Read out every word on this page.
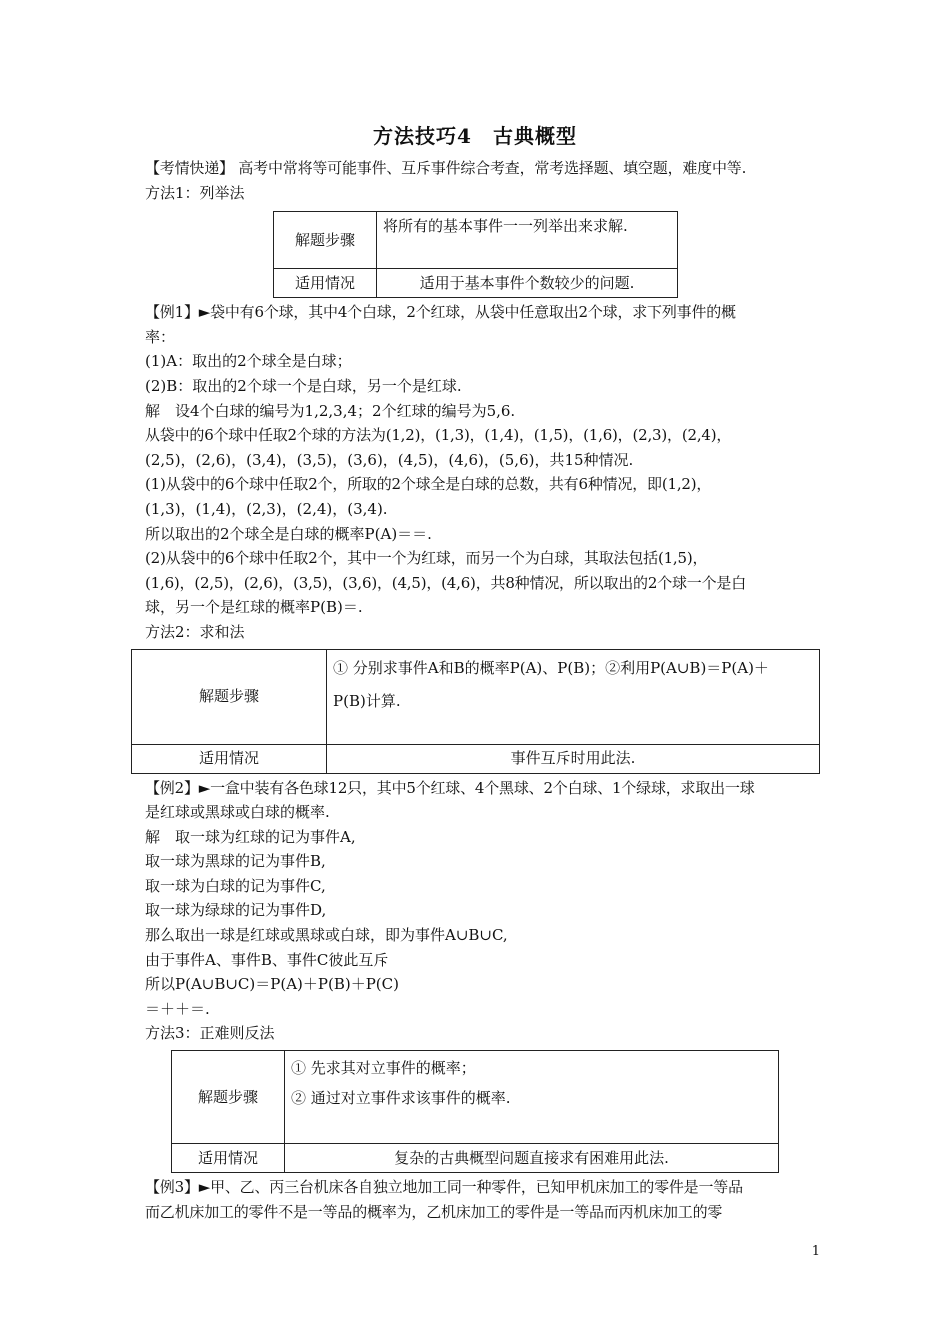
方法技巧4　古典概型
【考情快递】 高考中常将等可能事件、互斥事件综合考查，常考选择题、填空题，难度中等.
方法1：列举法
解题步骤	将所有的基本事件一一列举出来求解.
适用情况	适用于基本事件个数较少的问题.
【例1】►袋中有6个球，其中4个白球，2个红球，从袋中任意取出2个球，求下列事件的概
率：
(1)A：取出的2个球全是白球；
(2)B：取出的2个球一个是白球，另一个是红球.
解　设4个白球的编号为1,2,3,4；2个红球的编号为5,6.
从袋中的6个球中任取2个球的方法为(1,2)，(1,3)，(1,4)，(1,5)，(1,6)，(2,3)，(2,4)，
(2,5)，(2,6)，(3,4)，(3,5)，(3,6)，(4,5)，(4,6)，(5,6)，共15种情况.
(1)从袋中的6个球中任取2个，所取的2个球全是白球的总数，共有6种情况，即(1,2)，
(1,3)，(1,4)，(2,3)，(2,4)，(3,4).
所以取出的2个球全是白球的概率P(A)＝＝.
(2)从袋中的6个球中任取2个，其中一个为红球，而另一个为白球，其取法包括(1,5)，
(1,6)，(2,5)，(2,6)，(3,5)，(3,6)，(4,5)，(4,6)，共8种情况，所以取出的2个球一个是白
球，另一个是红球的概率P(B)＝.
方法2：求和法
解题步骤	① 分别求事件A和B的概率P(A)、P(B)；②利用P(A∪B)＝P(A)＋
P(B)计算.

适用情况	事件互斥时用此法.
【例2】►一盒中装有各色球12只，其中5个红球、4个黑球、2个白球、1个绿球，求取出一球
是红球或黑球或白球的概率.
解　取一球为红球的记为事件A,
取一球为黑球的记为事件B,
取一球为白球的记为事件C,
取一球为绿球的记为事件D,
那么取出一球是红球或黑球或白球，即为事件A∪B∪C,
由于事件A、事件B、事件C彼此互斥
所以P(A∪B∪C)＝P(A)＋P(B)＋P(C)
＝＋＋＝.
方法3：正难则反法
解题步骤	① 先求其对立事件的概率；
② 通过对立事件求该事件的概率.

适用情况	复杂的古典概型问题直接求有困难用此法.
【例3】►甲、乙、丙三台机床各自独立地加工同一种零件，已知甲机床加工的零件是一等品
而乙机床加工的零件不是一等品的概率为，乙机床加工的零件是一等品而丙机床加工的零
1
